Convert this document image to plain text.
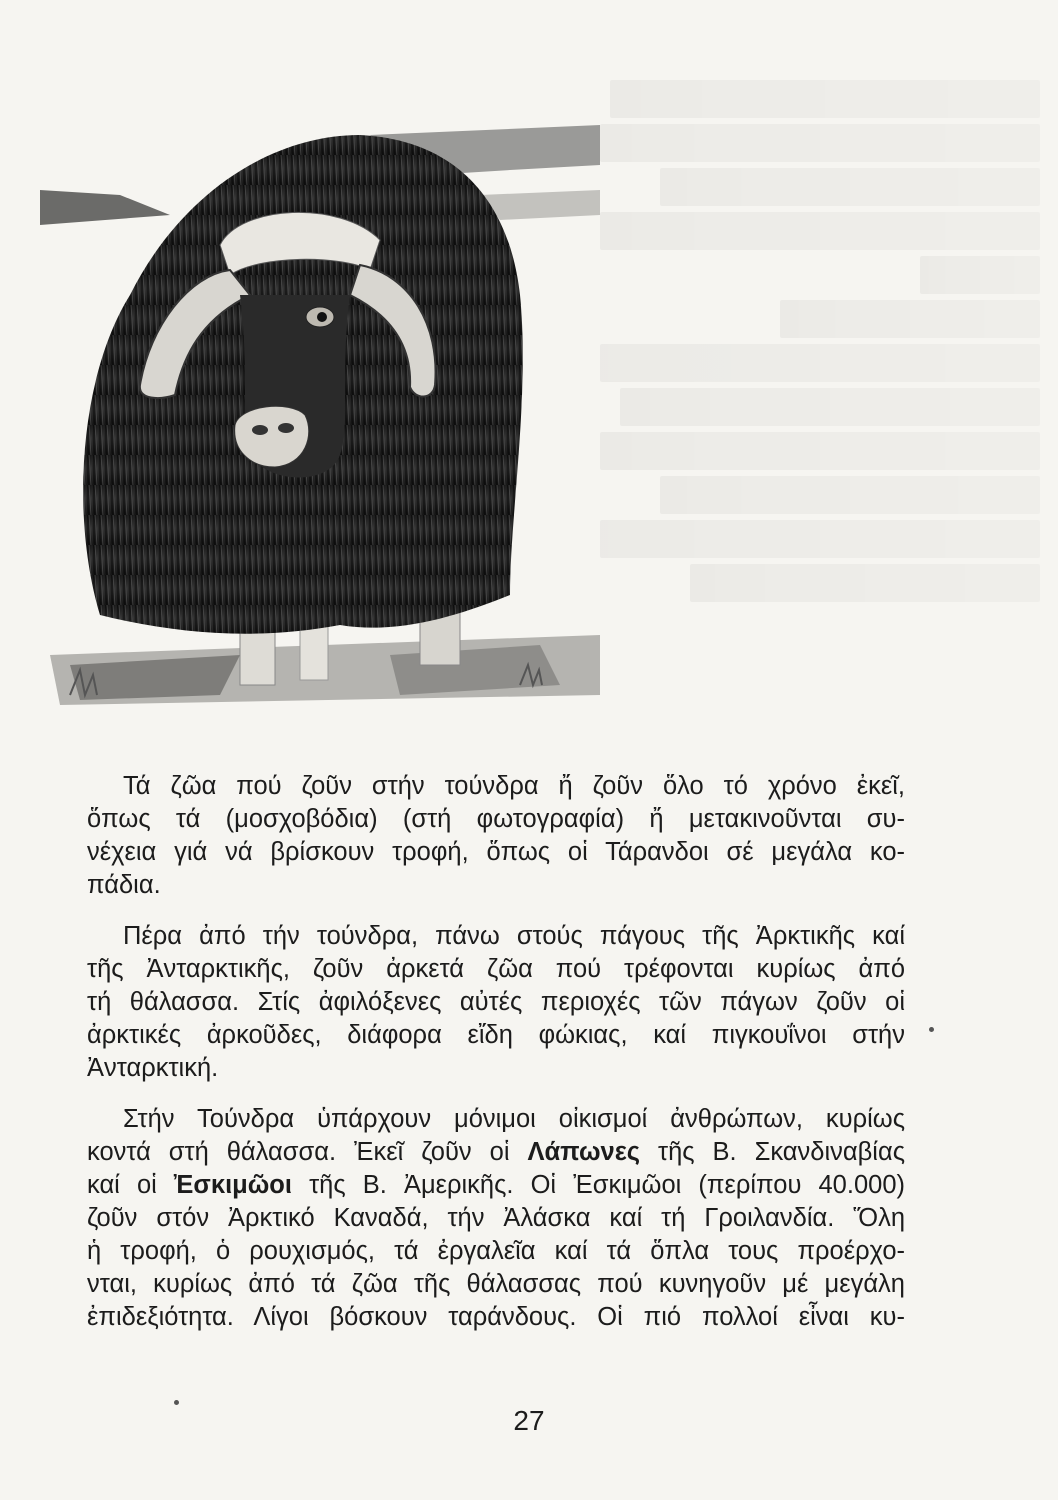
Τά ζῶα πού ζοῦν στήν τούνδρα ἤ ζοῦν ὅλο τό χρόνο ἐκεῖ,
ὅπως τά (μοσχοβόδια) (στή φωτογραφία) ἤ μετακινοῦνται συ-
νέχεια γιά νά βρίσκουν τροφή, ὅπως οἱ Τάρανδοι σέ μεγάλα κο-
πάδια.

Πέρα ἀπό τήν τούνδρα, πάνω στούς πάγους τῆς Ἀρκτικῆς καί
τῆς Ἀνταρκτικῆς, ζοῦν ἀρκετά ζῶα πού τρέφονται κυρίως ἀπό
τή θάλασσα. Στίς ἀφιλόξενες αὐτές περιοχές τῶν πάγων ζοῦν οἱ
ἀρκτικές ἀρκοῦδες, διάφορα εἴδη φώκιας, καί πιγκουΐνοι στήν
Ἀνταρκτική.

Στήν Τούνδρα ὑπάρχουν μόνιμοι οἰκισμοί ἀνθρώπων, κυρίως
κοντά στή θάλασσα. Ἐκεῖ ζοῦν οἱ Λάπωνες τῆς Β. Σκανδιναβίας
καί οἱ Ἐσκιμῶοι τῆς Β. Ἀμερικῆς. Οἱ Ἐσκιμῶοι (περίπου 40.000)
ζοῦν στόν Ἀρκτικό Καναδά, τήν Ἀλάσκα καί τή Γροιλανδία. Ὅλη
ἡ τροφή, ὁ ρουχισμός, τά ἐργαλεῖα καί τά ὅπλα τους προέρχο-
νται, κυρίως ἀπό τά ζῶα τῆς θάλασσας πού κυνηγοῦν μέ μεγάλη
ἐπιδεξιότητα. Λίγοι βόσκουν ταράνδους. Οἱ πιό πολλοί εἶναι κυ-

27
